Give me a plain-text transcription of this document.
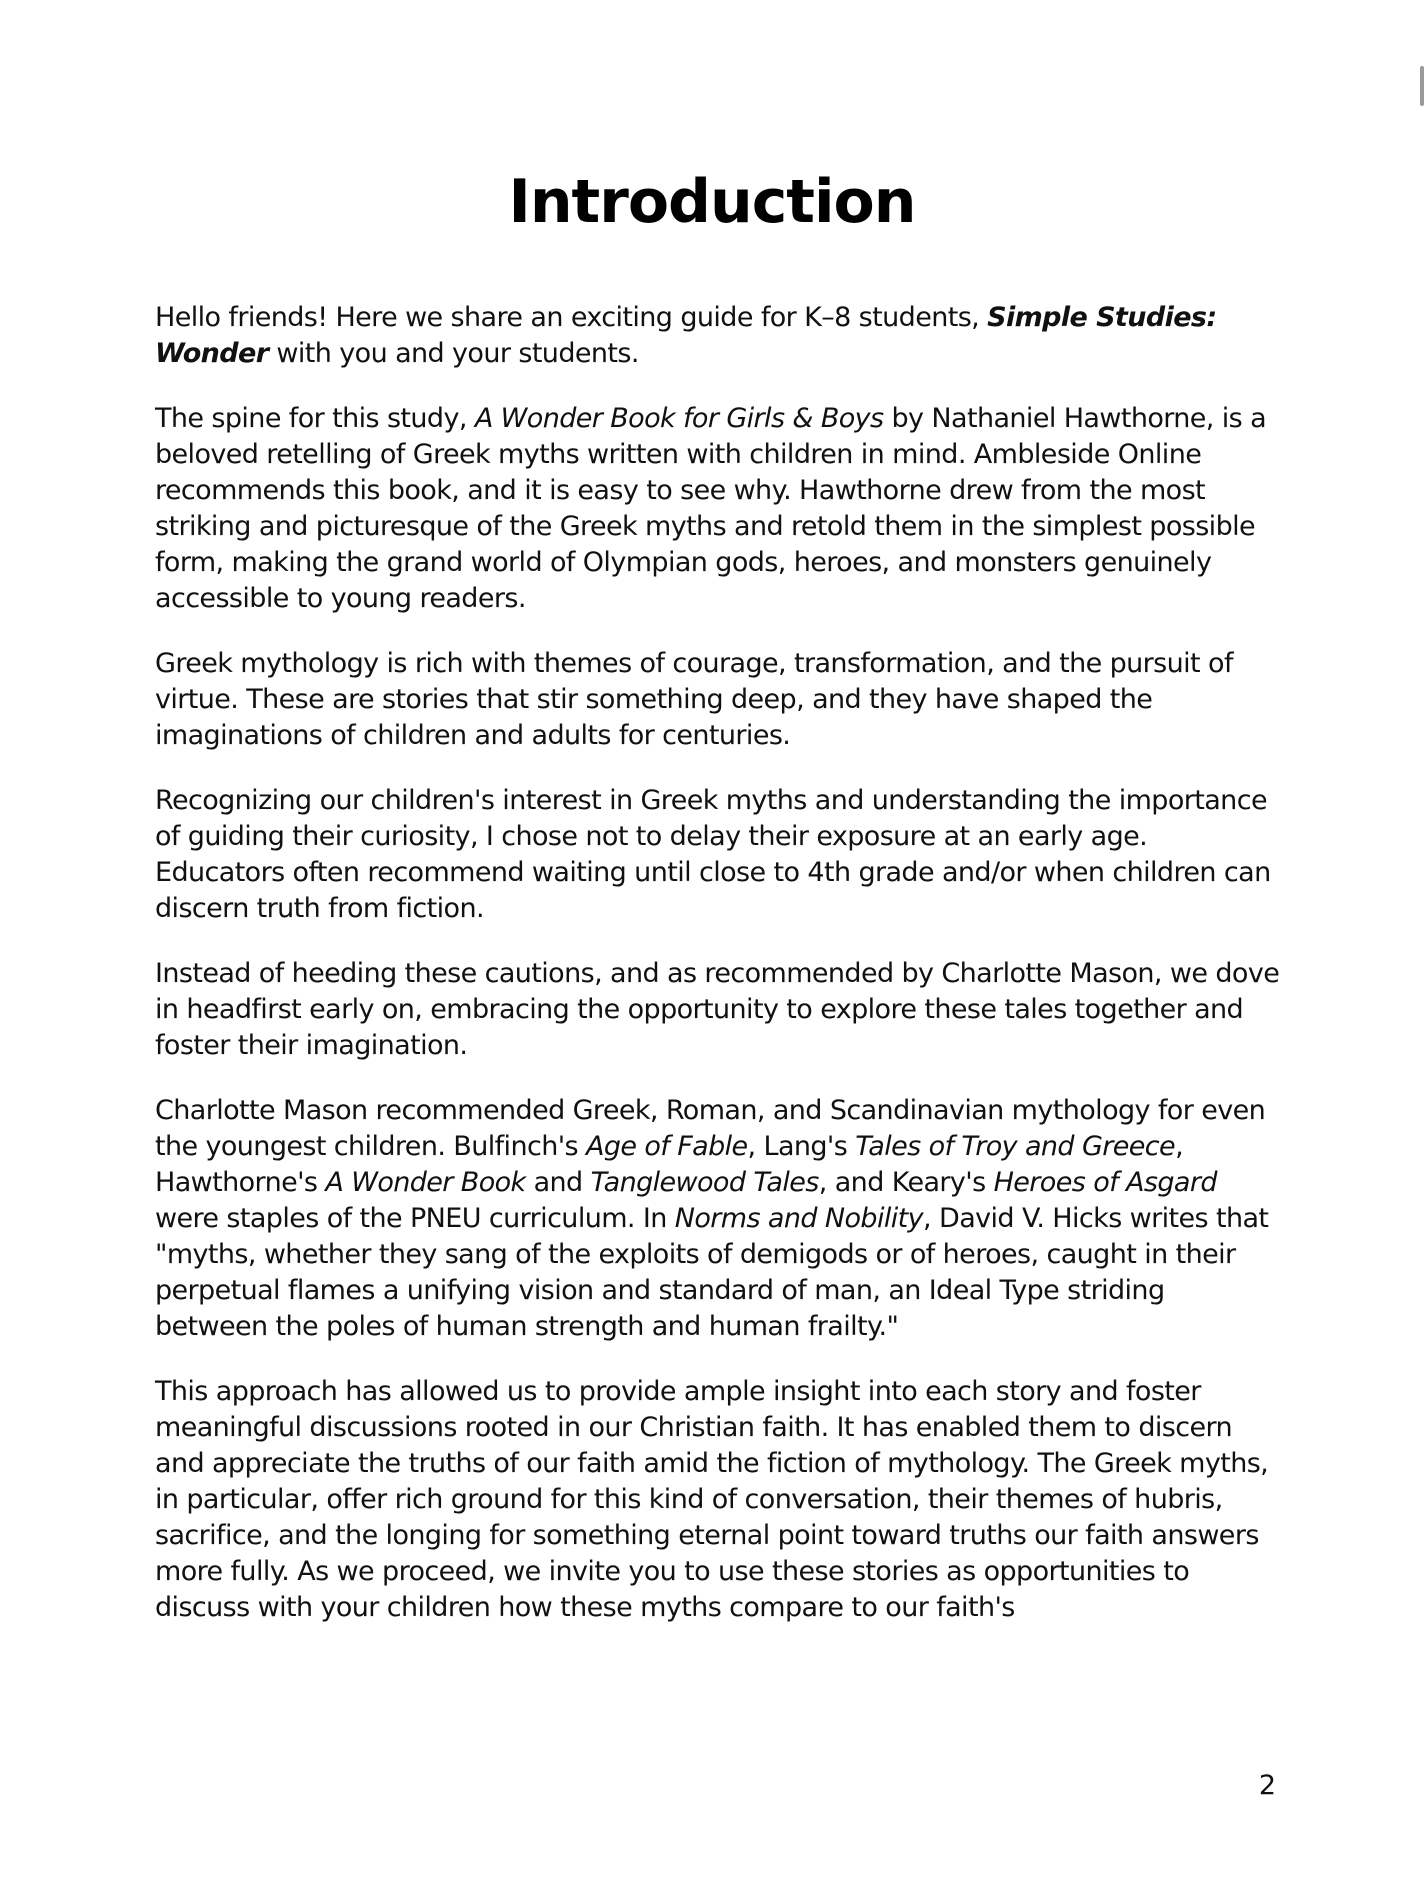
Introduction

Hello friends! Here we share an exciting guide for K–8 students, Simple Studies: Wonder with you and your students.

The spine for this study, A Wonder Book for Girls & Boys by Nathaniel Hawthorne, is a beloved retelling of Greek myths written with children in mind. Ambleside Online recommends this book, and it is easy to see why. Hawthorne drew from the most striking and picturesque of the Greek myths and retold them in the simplest possible form, making the grand world of Olympian gods, heroes, and monsters genuinely accessible to young readers.

Greek mythology is rich with themes of courage, transformation, and the pursuit of virtue. These are stories that stir something deep, and they have shaped the imaginations of children and adults for centuries.

Recognizing our children's interest in Greek myths and understanding the importance of guiding their curiosity, I chose not to delay their exposure at an early age. Educators often recommend waiting until close to 4th grade and/or when children can discern truth from fiction.

Instead of heeding these cautions, and as recommended by Charlotte Mason, we dove in headfirst early on, embracing the opportunity to explore these tales together and foster their imagination.

Charlotte Mason recommended Greek, Roman, and Scandinavian mythology for even the youngest children. Bulfinch's Age of Fable, Lang's Tales of Troy and Greece, Hawthorne's A Wonder Book and Tanglewood Tales, and Keary's Heroes of Asgard were staples of the PNEU curriculum. In Norms and Nobility, David V. Hicks writes that "myths, whether they sang of the exploits of demigods or of heroes, caught in their perpetual flames a unifying vision and standard of man, an Ideal Type striding between the poles of human strength and human frailty."

This approach has allowed us to provide ample insight into each story and foster meaningful discussions rooted in our Christian faith. It has enabled them to discern and appreciate the truths of our faith amid the fiction of mythology. The Greek myths, in particular, offer rich ground for this kind of conversation, their themes of hubris, sacrifice, and the longing for something eternal point toward truths our faith answers more fully. As we proceed, we invite you to use these stories as opportunities to discuss with your children how these myths compare to our faith's

2
